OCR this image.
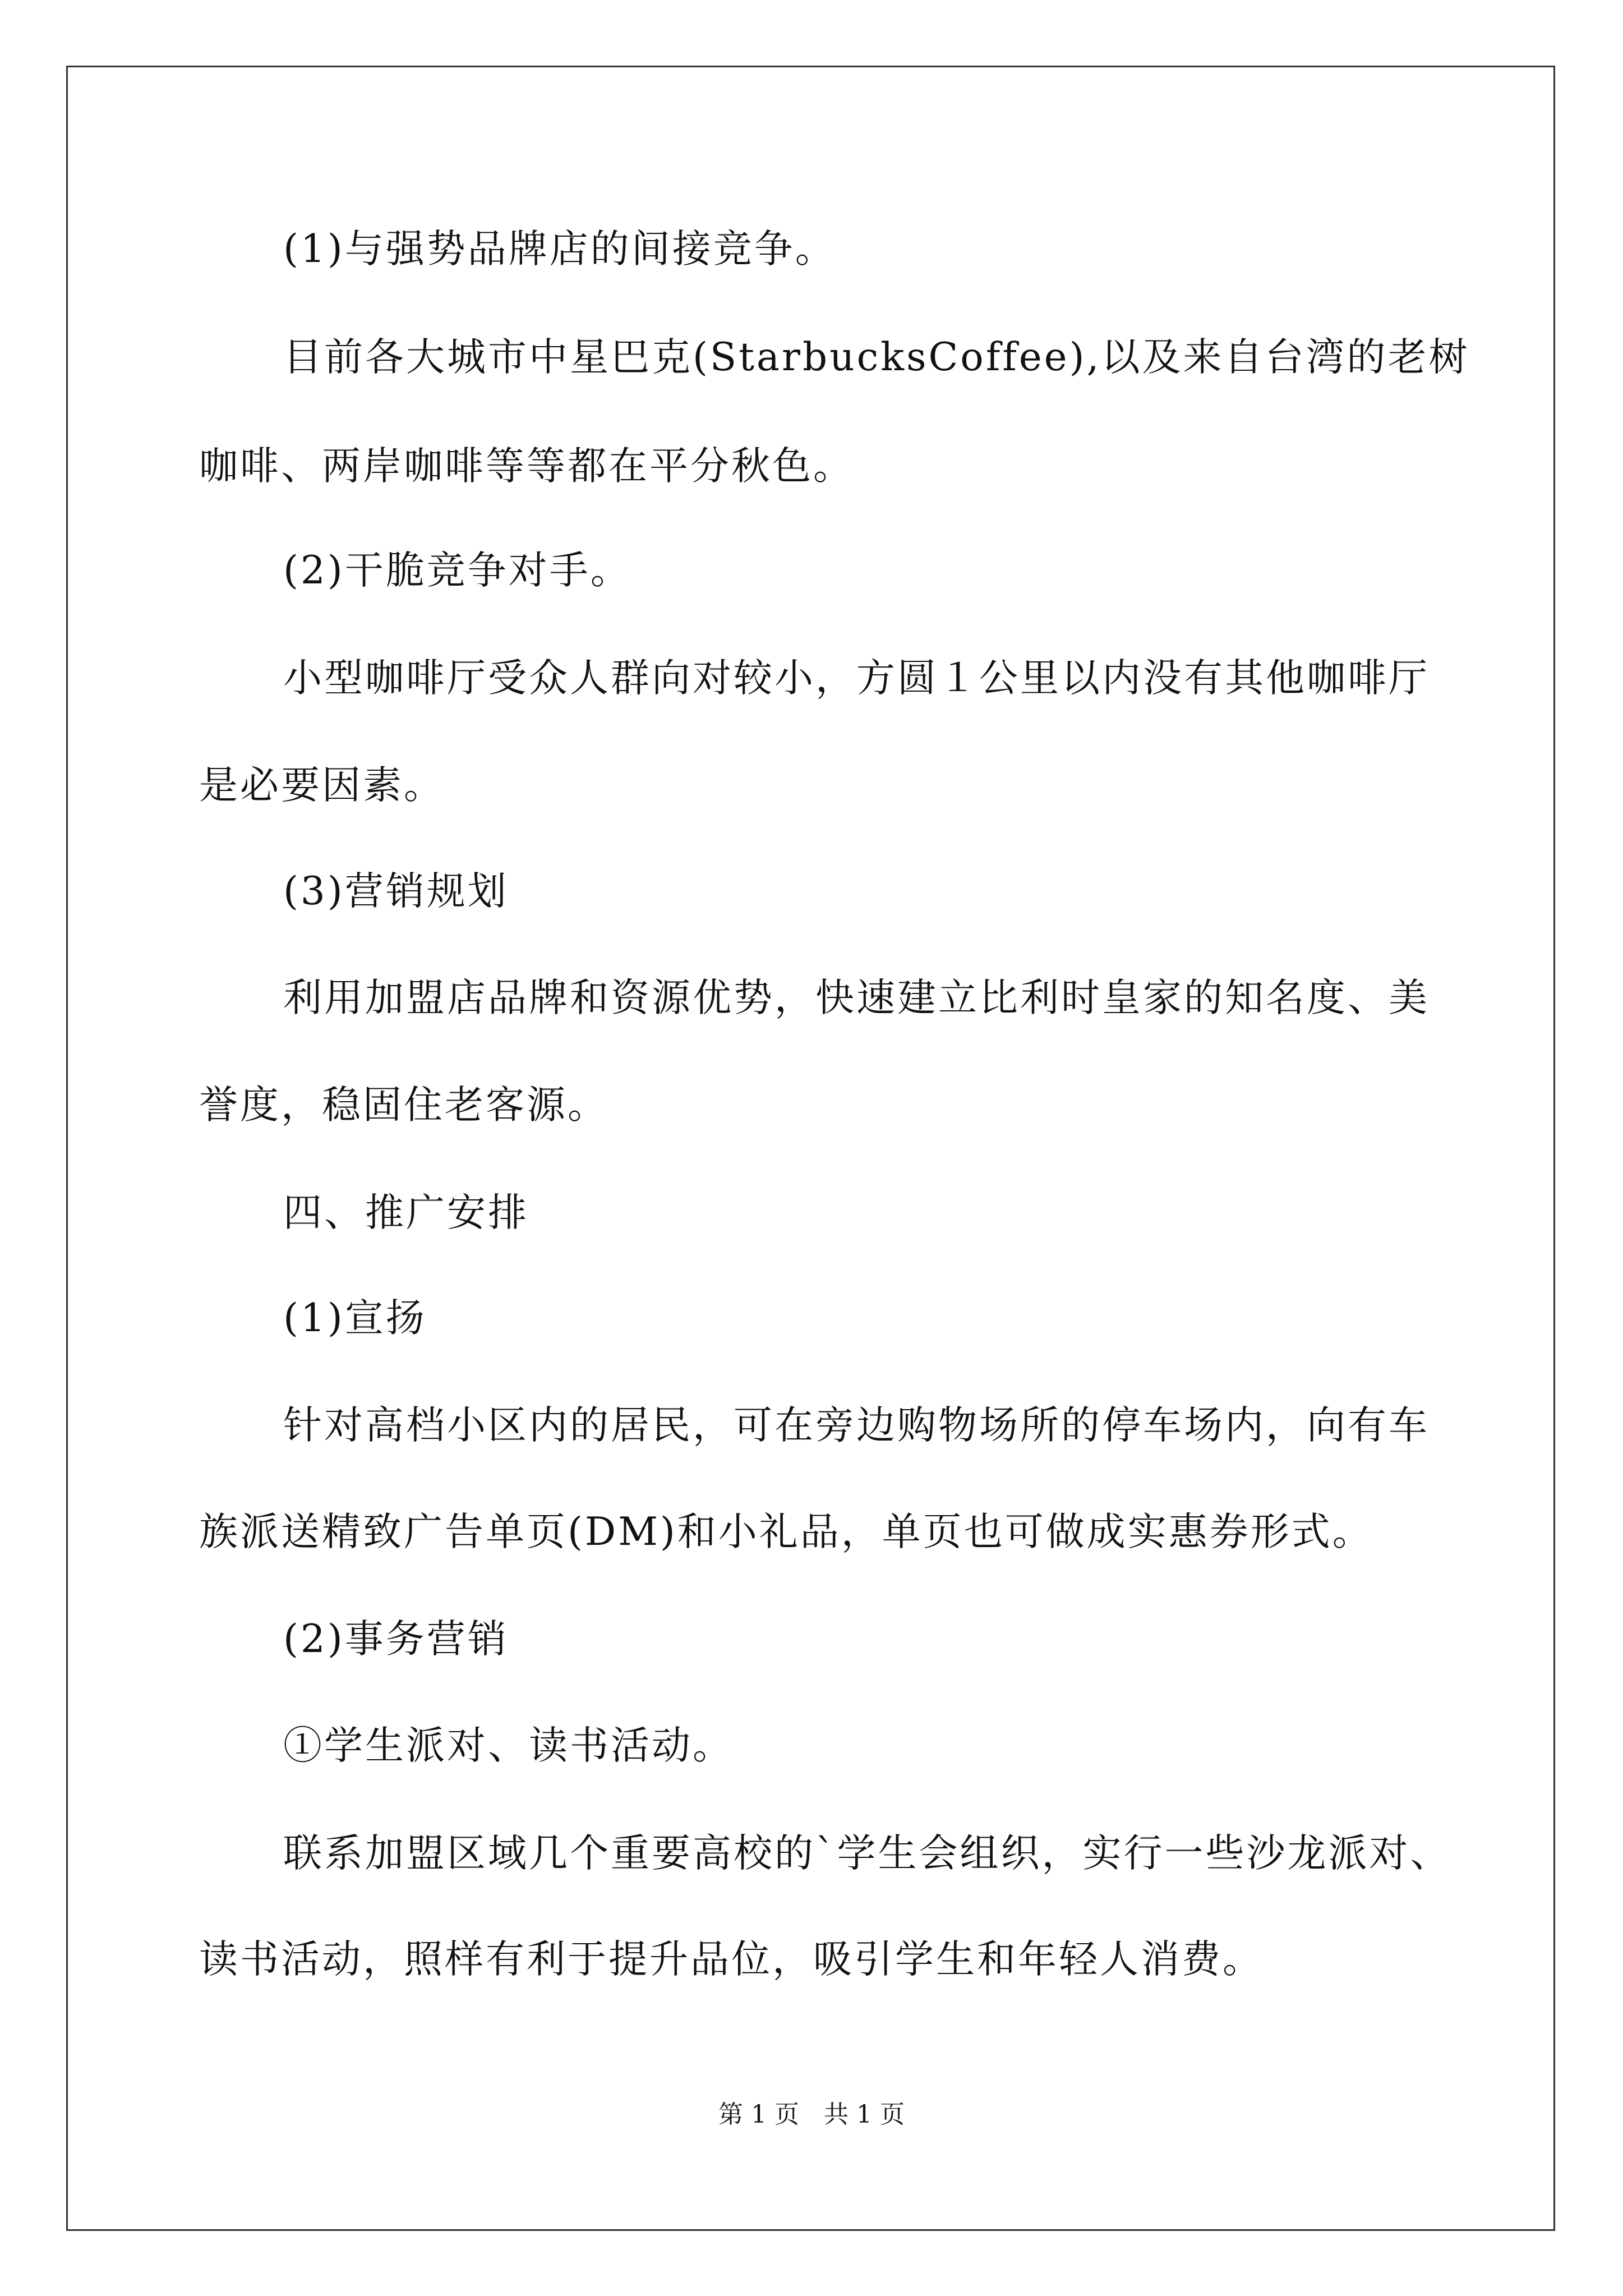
(1)与强势品牌店的间接竞争。
目前各大城市中星巴克(StarbucksCoffee),以及来自台湾的老树
咖啡、两岸咖啡等等都在平分秋色。
(2)干脆竞争对手。
小型咖啡厅受众人群向对较小，方圆１公里以内没有其他咖啡厅
是必要因素。
(3)营销规划
利用加盟店品牌和资源优势，快速建立比利时皇家的知名度、美
誉度，稳固住老客源。
四、推广安排
(1)宣扬
针对高档小区内的居民，可在旁边购物场所的停车场内，向有车
族派送精致广告单页(DM)和小礼品，单页也可做成实惠券形式。
(2)事务营销
①学生派对、读书活动。
联系加盟区域几个重要高校的`学生会组织，实行一些沙龙派对、
读书活动，照样有利于提升品位，吸引学生和年轻人消费。
第 1 页　共 1 页
